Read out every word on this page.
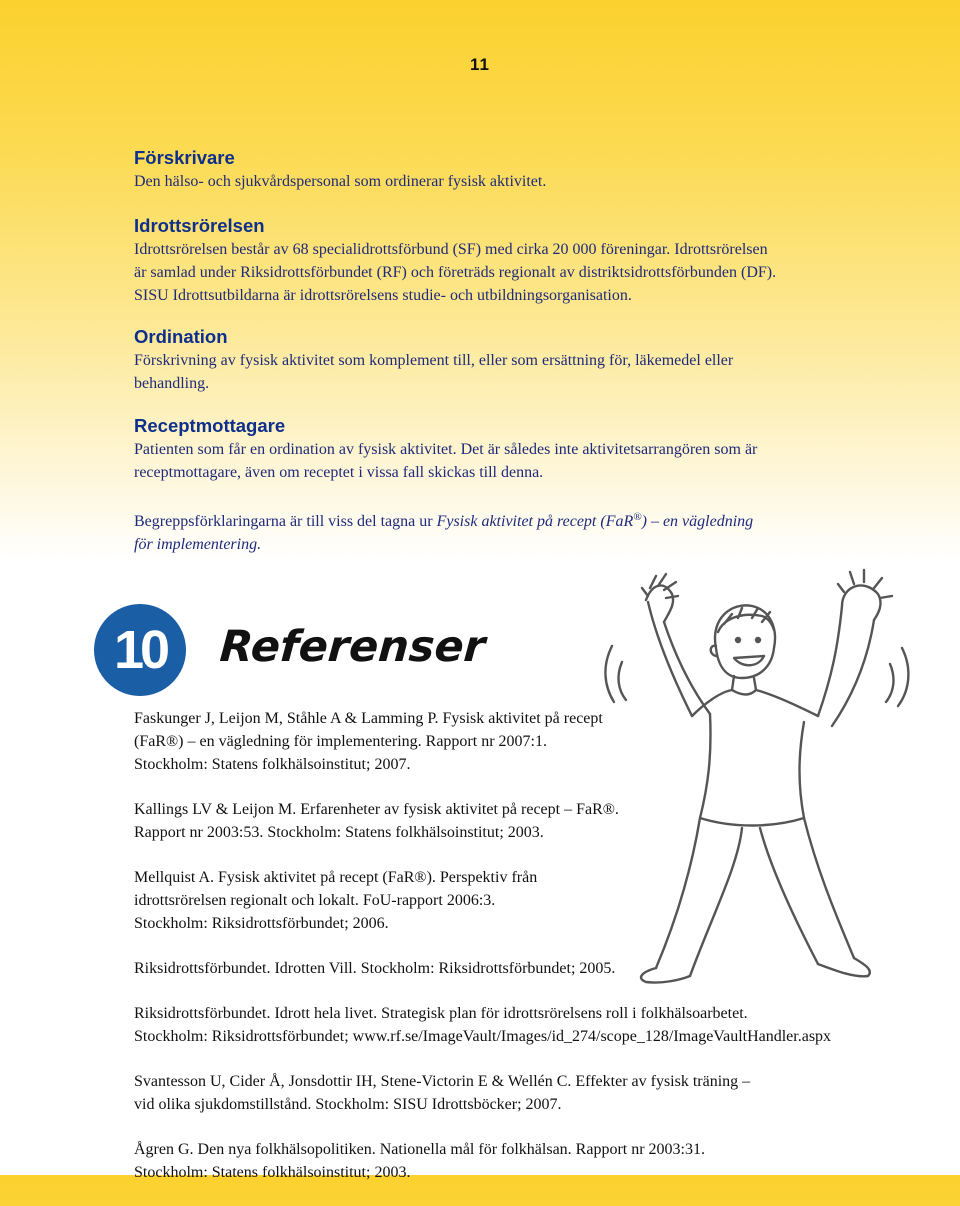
11
Förskrivare

Den hälso- och sjukvårdspersonal som ordinerar fysisk aktivitet.

Idrottsrörelsen

Idrottsrörelsen består av 68 specialidrottsförbund (SF) med cirka 20 000 föreningar. Idrottsrörelsen
är samlad under Riksidrottsförbundet (RF) och företräds regionalt av distriktsidrottsförbunden (DF).
SISU Idrottsutbildarna är idrottsrörelsens studie- och utbildningsorganisation.

Ordination

Förskrivning av fysisk aktivitet som komplement till, eller som ersättning för, läkemedel eller
behandling.

Receptmottagare

Patienten som får en ordination av fysisk aktivitet. Det är således inte aktivitetsarrangören som är
receptmottagare, även om receptet i vissa fall skickas till denna.

Begreppsförklaringarna är till viss del tagna ur Fysisk aktivitet på recept (FaR®) – en vägledning
för implementering.

10	Referenser

Faskunger J, Leijon M, Ståhle A & Lamming P. Fysisk aktivitet på recept
(FaR®) – en vägledning för implementering. Rapport nr 2007:1.
Stockholm: Statens folkhälsoinstitut; 2007.

Kallings LV & Leijon M. Erfarenheter av fysisk aktivitet på recept – FaR®.
Rapport nr 2003:53. Stockholm: Statens folkhälsoinstitut; 2003.

Mellquist A. Fysisk aktivitet på recept (FaR®). Perspektiv från
idrottsrörelsen regionalt och lokalt. FoU-rapport 2006:3.
Stockholm: Riksidrottsförbundet; 2006.

Riksidrottsförbundet. Idrotten Vill. Stockholm: Riksidrottsförbundet; 2005.

Riksidrottsförbundet. Idrott hela livet. Strategisk plan för idrottsrörelsens roll i folkhälsoarbetet.
Stockholm: Riksidrottsförbundet; www.rf.se/ImageVault/Images/id_274/scope_128/ImageVaultHandler.aspx

Svantesson U, Cider Å, Jonsdottir IH, Stene-Victorin E & Wellén C. Effekter av fysisk träning –
vid olika sjukdomstillstånd. Stockholm: SISU Idrottsböcker; 2007.

Ågren G. Den nya folkhälsopolitiken. Nationella mål för folkhälsan. Rapport nr 2003:31.
Stockholm: Statens folkhälsoinstitut; 2003.
